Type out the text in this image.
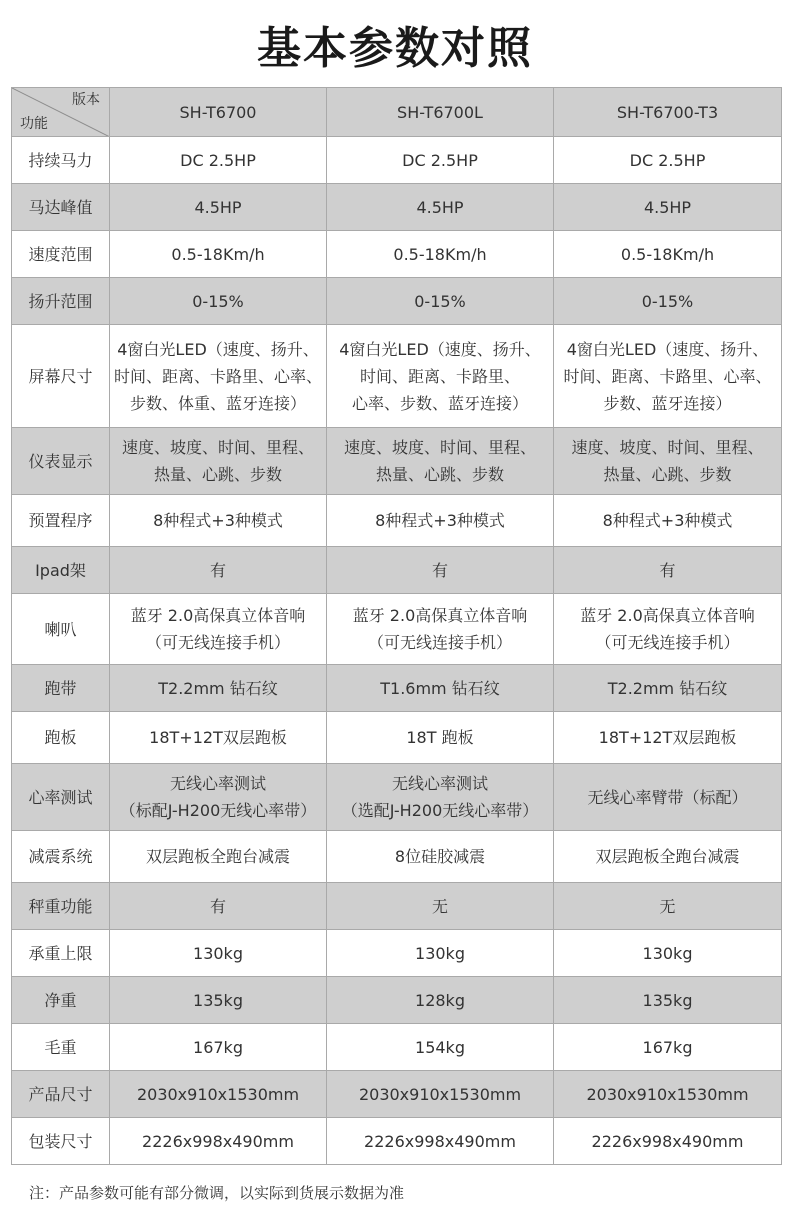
基本参数对照
版本
功能	SH-T6700	SH-T6700L	SH-T6700-T3
持续马力	DC 2.5HP	DC 2.5HP	DC 2.5HP

马达峰值	4.5HP	4.5HP	4.5HP

速度范围	0.5-18Km/h	0.5-18Km/h	0.5-18Km/h

扬升范围	0-15%	0-15%	0-15%

屏幕尺寸	4窗白光LED（速度、扬升、
时间、距离、卡路里、心率、
步数、体重、蓝牙连接）	4窗白光LED（速度、扬升、
时间、距离、卡路里、
心率、步数、蓝牙连接）	4窗白光LED（速度、扬升、
时间、距离、卡路里、心率、
步数、蓝牙连接）

仪表显示	速度、坡度、时间、里程、
热量、心跳、步数	速度、坡度、时间、里程、
热量、心跳、步数	速度、坡度、时间、里程、
热量、心跳、步数

预置程序	8种程式+3种模式	8种程式+3种模式	8种程式+3种模式

Ipad架	有	有	有

喇叭	蓝牙 2.0高保真立体音响
（可无线连接手机）	蓝牙 2.0高保真立体音响
（可无线连接手机）	蓝牙 2.0高保真立体音响
（可无线连接手机）

跑带	T2.2mm 钻石纹	T1.6mm 钻石纹	T2.2mm 钻石纹

跑板	18T+12T双层跑板	18T 跑板	18T+12T双层跑板

心率测试	无线心率测试
（标配J-H200无线心率带）	无线心率测试
（选配J-H200无线心率带）	无线心率臂带（标配）

减震系统	双层跑板全跑台减震	8位硅胶减震	双层跑板全跑台减震

秤重功能	有	无	无

承重上限	130kg	130kg	130kg

净重	135kg	128kg	135kg

毛重	167kg	154kg	167kg

产品尺寸	2030x910x1530mm	2030x910x1530mm	2030x910x1530mm

包装尺寸	2226x998x490mm	2226x998x490mm	2226x998x490mm
注：产品参数可能有部分微调，以实际到货展示数据为准
